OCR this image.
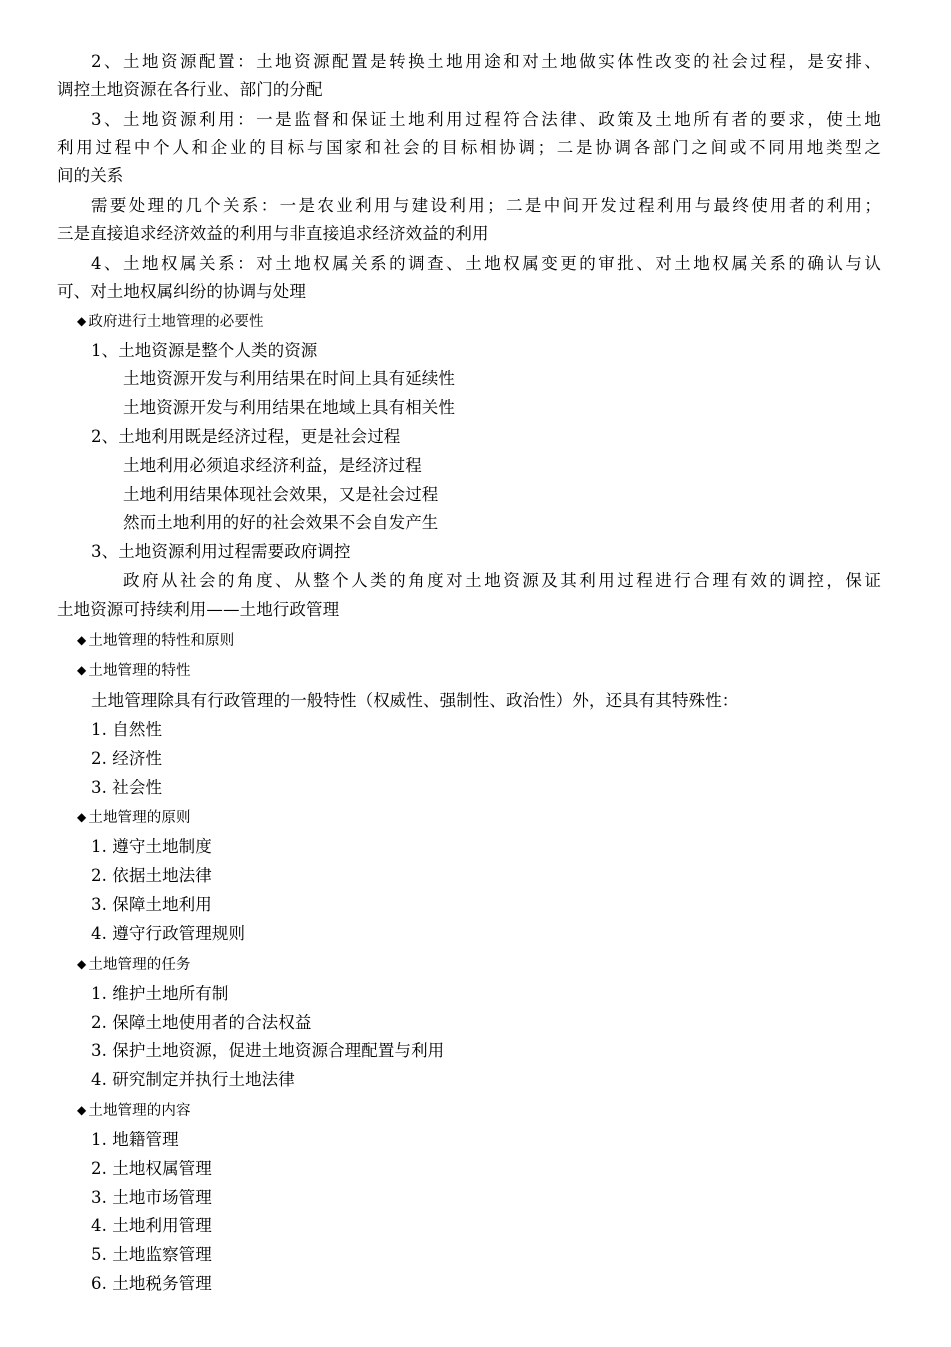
2、土地资源配置：土地资源配置是转换土地用途和对土地做实体性改变的社会过程，是安排、
调控土地资源在各行业、部门的分配
3、土地资源利用：一是监督和保证土地利用过程符合法律、政策及土地所有者的要求，使土地
利用过程中个人和企业的目标与国家和社会的目标相协调；二是协调各部门之间或不同用地类型之
间的关系
需要处理的几个关系：一是农业利用与建设利用；二是中间开发过程利用与最终使用者的利用；
三是直接追求经济效益的利用与非直接追求经济效益的利用
4、土地权属关系：对土地权属关系的调查、土地权属变更的审批、对土地权属关系的确认与认
可、对土地权属纠纷的协调与处理
◆ 政府进行土地管理的必要性
1、土地资源是整个人类的资源
土地资源开发与利用结果在时间上具有延续性
土地资源开发与利用结果在地域上具有相关性
2、土地利用既是经济过程，更是社会过程
土地利用必须追求经济利益，是经济过程
土地利用结果体现社会效果，又是社会过程
然而土地利用的好的社会效果不会自发产生
3、土地资源利用过程需要政府调控
政府从社会的角度、从整个人类的角度对土地资源及其利用过程进行合理有效的调控，保证
土地资源可持续利用——土地行政管理
◆ 土地管理的特性和原则
◆ 土地管理的特性
土地管理除具有行政管理的一般特性（权威性、强制性、政治性）外，还具有其特殊性：
1. 自然性
2. 经济性
3. 社会性
◆ 土地管理的原则
1. 遵守土地制度
2. 依据土地法律
3. 保障土地利用
4. 遵守行政管理规则
◆ 土地管理的任务
1. 维护土地所有制
2. 保障土地使用者的合法权益
3. 保护土地资源，促进土地资源合理配置与利用
4. 研究制定并执行土地法律
◆ 土地管理的内容
1. 地籍管理
2. 土地权属管理
3. 土地市场管理
4. 土地利用管理
5. 土地监察管理
6. 土地税务管理
